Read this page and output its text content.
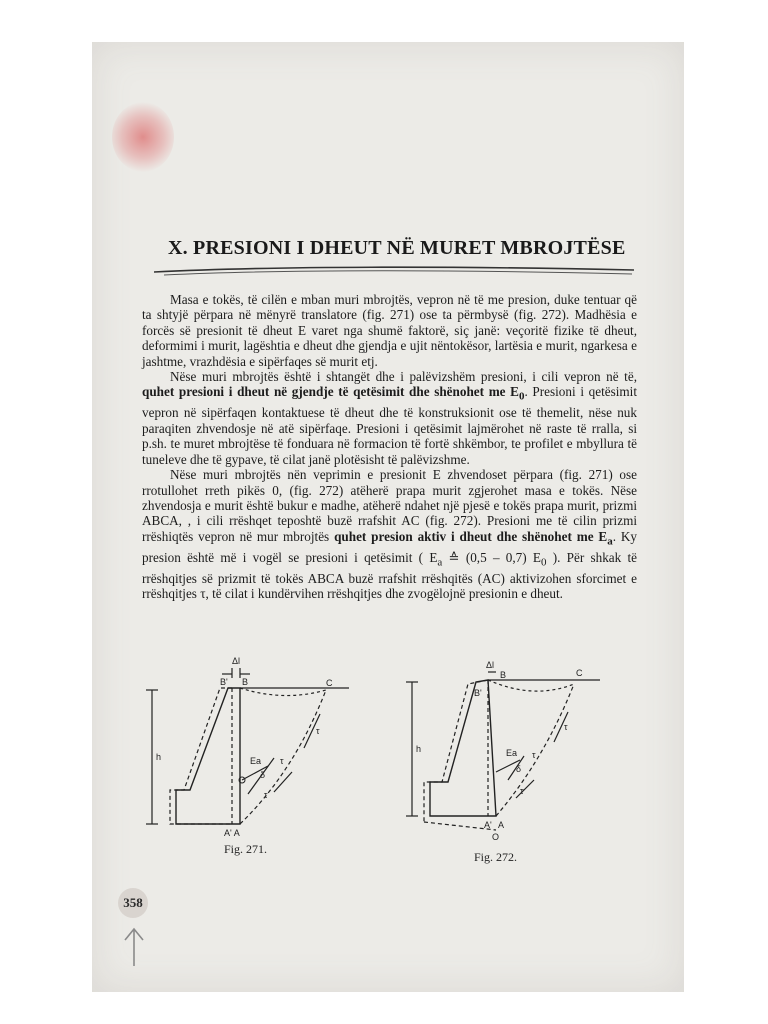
X. PRESIONI I DHEUT NË MURET MBROJTËSE

Masa e tokës, të cilën e mban muri mbrojtës, vepron në të me presion, duke tentuar që ta shtyjë përpara në mënyrë translatore (fig. 271) ose ta përmbysë (fig. 272). Madhësia e forcës së presionit të dheut E varet nga shumë faktorë, siç janë: veçoritë fizike të dheut, deformimi i murit, lagështia e dheut dhe gjendja e ujit nëntokësor, lartësia e murit, ngarkesa e jashtme, vrazhdësia e sipërfaqes së murit etj.

Nëse muri mbrojtës është i shtangët dhe i palëvizshëm presioni, i cili vepron në të, quhet presioni i dheut në gjendje të qetësimit dhe shënohet me $E_0$. Presioni i qetësimit vepron në sipërfaqen kontaktuese të dheut dhe të konstruksionit ose të themelit, nëse nuk paraqiten zhvendosje në atë sipërfaqe. Presioni i qetësimit lajmërohet në raste të rralla, si p.sh. te muret mbrojtëse të fonduara në formacion të fortë shkëmbor, te profilet e mbyllura të tuneleve dhe të gypave, të cilat janë plotësisht të palëvizshme.

Nëse muri mbrojtës nën veprimin e presionit E zhvendoset përpara (fig. 271) ose rrotullohet rreth pikës 0, (fig. 272) atëherë prapa murit zgjerohet masa e tokës. Nëse zhvendosja e murit është bukur e madhe, atëherë ndahet një pjesë e tokës prapa murit, prizmi ABCA, , i cili rrëshqet teposhtë buzë rrafshit AC (fig. 272). Presioni me të cilin prizmi rrëshiqtës vepron në mur mbrojtës quhet presion aktiv i dheut dhe shënohet me $E_a$. Ky presion është më i vogël se presioni i qetësimit ( $E_a$ ≙ (0,5 – 0,7) $E_0$ ). Për shkak të rrëshqitjes së prizmit të tokës ABCA buzë rrafshit rrëshqitës (AC) aktivizohen sforcimet e rrëshqitjes τ, të cilat i kundërvihen rrëshqitjes dhe zvogëlojnë presionin e dheut.

Δl
B' B	C
h
τ
Ea τ
δ
τ
A' A
Fig. 271.
Δl
B	C
B'
h
τ
Ea τ
δ
τ
A' A
O
Fig. 272.
358
